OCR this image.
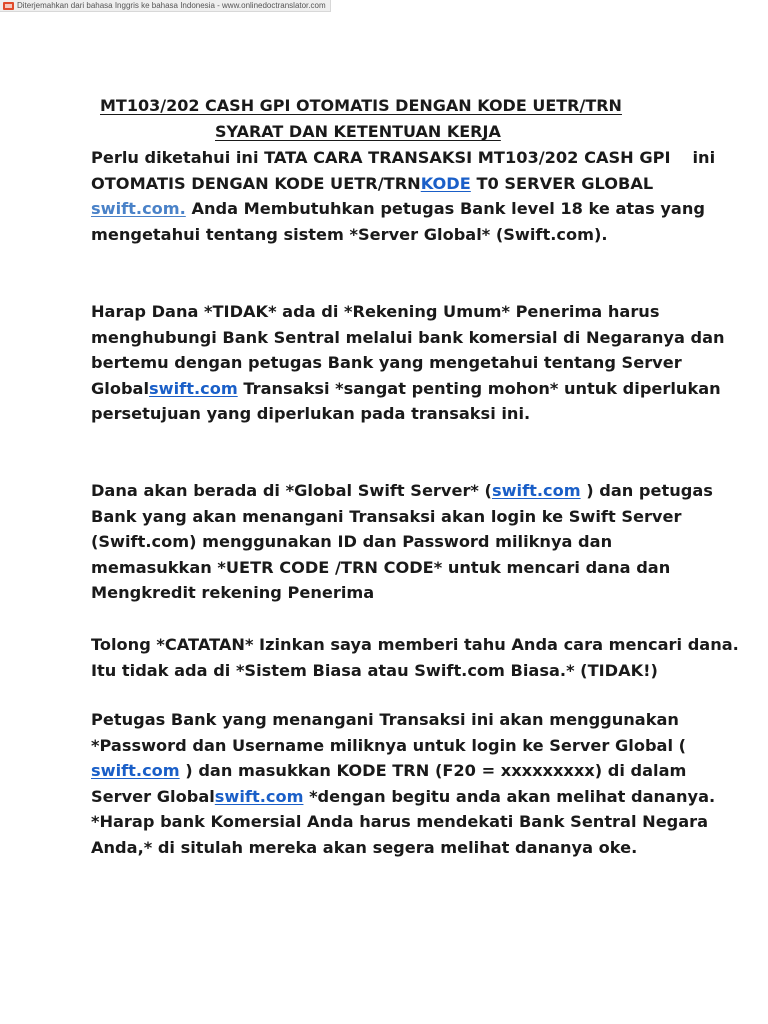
Diterjemahkan dari bahasa Inggris ke bahasa Indonesia - www.onlinedoctranslator.com
MT103/202 CASH GPI OTOMATIS DENGAN KODE UETR/TRN
SYARAT DAN KETENTUAN KERJA
Perlu diketahui ini TATA CARA TRANSAKSI MT103/202 CASH GPI ini
OTOMATIS DENGAN KODE UETR/TRNKODE T0 SERVER GLOBAL
swift.com. Anda Membutuhkan petugas Bank level 18 ke atas yang
mengetahui tentang sistem *Server Global* (Swift.com).
Harap Dana *TIDAK* ada di *Rekening Umum* Penerima harus
menghubungi Bank Sentral melalui bank komersial di Negaranya dan
bertemu dengan petugas Bank yang mengetahui tentang Server
Globalswift.com Transaksi *sangat penting mohon* untuk diperlukan
persetujuan yang diperlukan pada transaksi ini.
Dana akan berada di *Global Swift Server* (swift.com ) dan petugas
Bank yang akan menangani Transaksi akan login ke Swift Server
(Swift.com) menggunakan ID dan Password miliknya dan
memasukkan *UETR CODE /TRN CODE* untuk mencari dana dan
Mengkredit rekening Penerima
Tolong *CATATAN* Izinkan saya memberi tahu Anda cara mencari dana.
Itu tidak ada di *Sistem Biasa atau Swift.com Biasa.* (TIDAK!)
Petugas Bank yang menangani Transaksi ini akan menggunakan
*Password dan Username miliknya untuk login ke Server Global (
swift.com ) dan masukkan KODE TRN (F20 = xxxxxxxxx) di dalam
Server Globalswift.com *dengan begitu anda akan melihat dananya.
*Harap bank Komersial Anda harus mendekati Bank Sentral Negara
Anda,* di situlah mereka akan segera melihat dananya oke.
